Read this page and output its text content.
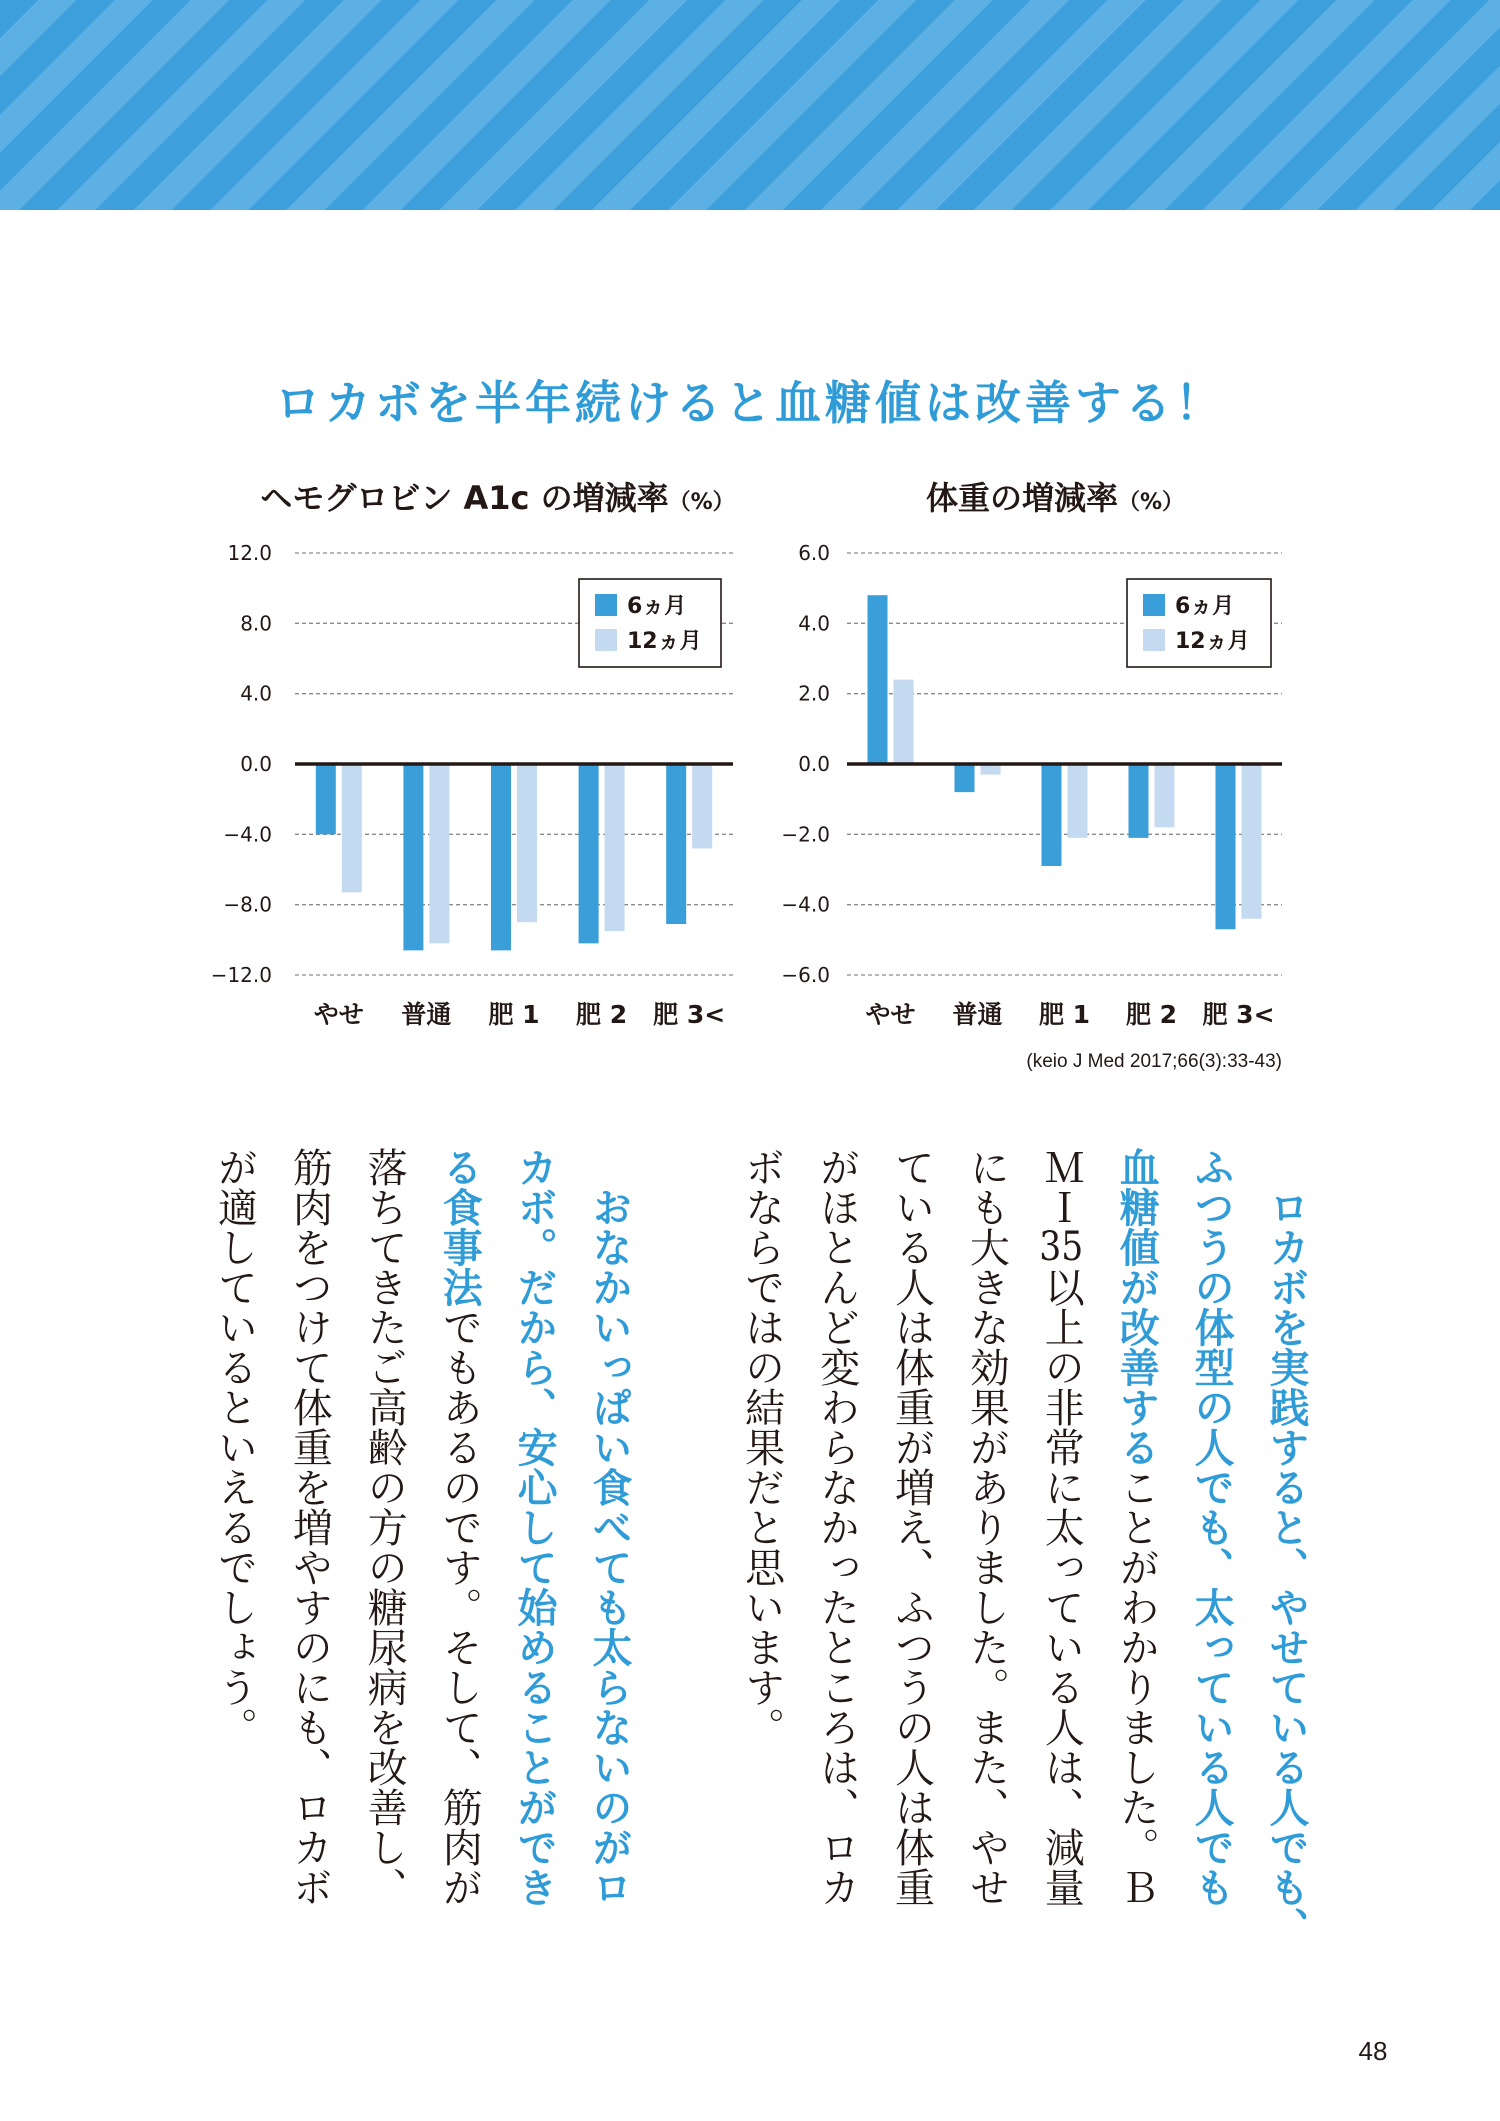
ロカボを半年続けると血糖値は改善する！
ヘモグロビン A1c の増減率（%）	体重の増減率（%）
12.0
8.0
4.0
0.0
−4.0
−8.0
−12.0
やせ 普通 肥 1 肥 2 肥 3<
6ヵ月
12ヵ月
6.0
4.0
2.0
0.0
−2.0
−4.0
−6.0
やせ 普通 肥 1 肥 2 肥 3<
6ヵ月
12ヵ月
(keio J Med 2017;66(3):33-43)
ロカボを実践すると、やせている人でも、
ふつうの体型の人でも、太っている人でも
血糖値が改善することがわかりました。Ｂ
ＭＩ35以上の非常に太っている人は、減量
にも大きな効果がありました。また、やせ
ている人は体重が増え、ふつうの人は体重
がほとんど変わらなかったところは、ロカ
ボならではの結果だと思います。
おなかいっぱい食べても太らないのがロ
カボ。だから、安心して始めることができ
る食事法でもあるのです。そして、筋肉が
落ちてきたご高齢の方の糖尿病を改善し、
筋肉をつけて体重を増やすのにも、ロカボ
が適しているといえるでしょう。
48
